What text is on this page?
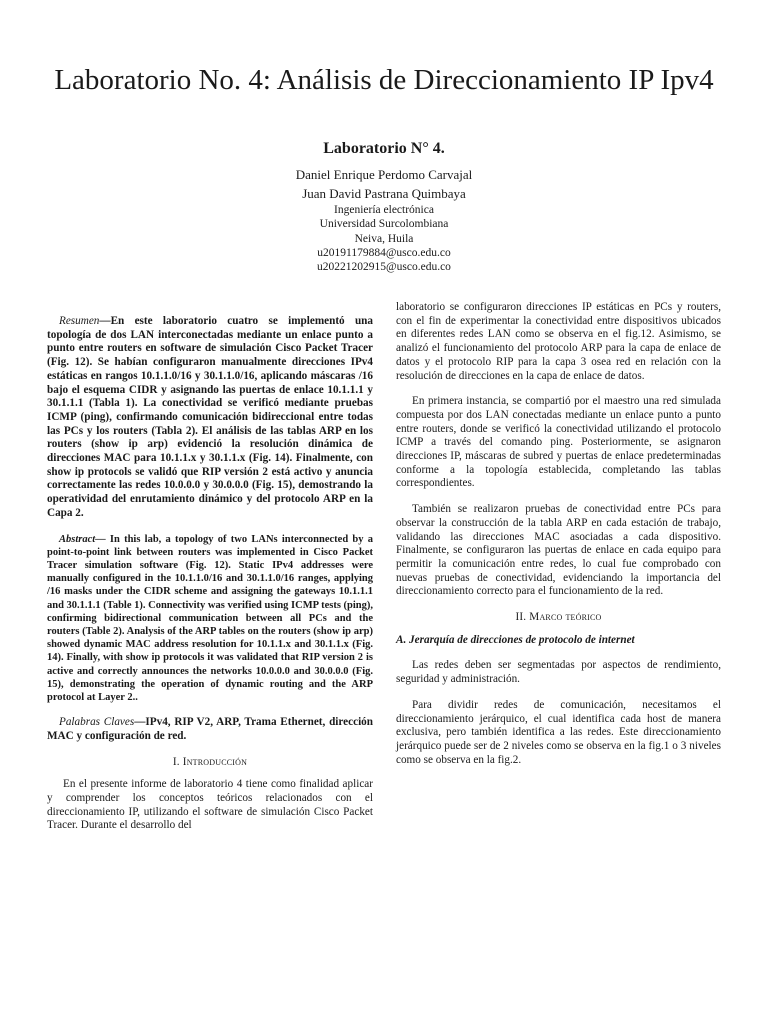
Laboratorio No. 4: Análisis de Direccionamiento IP Ipv4
Laboratorio N° 4.
Daniel Enrique Perdomo Carvajal
Juan David Pastrana Quimbaya
Ingeniería electrónica
Universidad Surcolombiana
Neiva, Huila
u20191179884@usco.edu.co
u20221202915@usco.edu.co

Resumen—En este laboratorio cuatro se implementó una topología de dos LAN interconectadas mediante un enlace punto a punto entre routers en software de simulación Cisco Packet Tracer (Fig. 12). Se habían configuraron manualmente direcciones IPv4 estáticas en rangos 10.1.1.0/16 y 30.1.1.0/16, aplicando máscaras /16 bajo el esquema CIDR y asignando las puertas de enlace 10.1.1.1 y 30.1.1.1 (Tabla 1). La conectividad se verificó mediante pruebas ICMP (ping), confirmando comunicación bidireccional entre todas las PCs y los routers (Tabla 2). El análisis de las tablas ARP en los routers (show ip arp) evidenció la resolución dinámica de direcciones MAC para 10.1.1.x y 30.1.1.x (Fig. 14). Finalmente, con show ip protocols se validó que RIP versión 2 está activo y anuncia correctamente las redes 10.0.0.0 y 30.0.0.0 (Fig. 15), demostrando la operatividad del enrutamiento dinámico y del protocolo ARP en la Capa 2.

Abstract— In this lab, a topology of two LANs interconnected by a point-to-point link between routers was implemented in Cisco Packet Tracer simulation software (Fig. 12). Static IPv4 addresses were manually configured in the 10.1.1.0/16 and 30.1.1.0/16 ranges, applying /16 masks under the CIDR scheme and assigning the gateways 10.1.1.1 and 30.1.1.1 (Table 1). Connectivity was verified using ICMP tests (ping), confirming bidirectional communication between all PCs and the routers (Table 2). Analysis of the ARP tables on the routers (show ip arp) showed dynamic MAC address resolution for 10.1.1.x and 30.1.1.x (Fig. 14). Finally, with show ip protocols it was validated that RIP version 2 is active and correctly announces the networks 10.0.0.0 and 30.0.0.0 (Fig. 15), demonstrating the operation of dynamic routing and the ARP protocol at Layer 2..

Palabras Claves—IPv4, RIP V2, ARP, Trama Ethernet, dirección MAC y configuración de red.

I. Introducción

En el presente informe de laboratorio 4 tiene como finalidad aplicar y comprender los conceptos teóricos relacionados con el direccionamiento IP, utilizando el software de simulación Cisco Packet Tracer. Durante el desarrollo del

laboratorio se configuraron direcciones IP estáticas en PCs y routers, con el fin de experimentar la conectividad entre dispositivos ubicados en diferentes redes LAN como se observa en el fig.12. Asimismo, se analizó el funcionamiento del protocolo ARP para la capa de enlace de datos y el protocolo RIP para la capa 3 osea red en relación con la resolución de direcciones en la capa de enlace de datos.

En primera instancia, se compartió por el maestro una red simulada compuesta por dos LAN conectadas mediante un enlace punto a punto entre routers, donde se verificó la conectividad utilizando el protocolo ICMP a través del comando ping. Posteriormente, se asignaron direcciones IP, máscaras de subred y puertas de enlace predeterminadas conforme a la topología establecida, completando las tablas correspondientes.

También se realizaron pruebas de conectividad entre PCs para observar la construcción de la tabla ARP en cada estación de trabajo, validando las direcciones MAC asociadas a cada dispositivo. Finalmente, se configuraron las puertas de enlace en cada equipo para permitir la comunicación entre redes, lo cual fue comprobado con nuevas pruebas de conectividad, evidenciando la importancia del direccionamiento correcto para el funcionamiento de la red.

II. Marco teórico
A. Jerarquía de direcciones de protocolo de internet

Las redes deben ser segmentadas por aspectos de rendimiento, seguridad y administración.

Para dividir redes de comunicación, necesitamos el direccionamiento jerárquico, el cual identifica cada host de manera exclusiva, pero también identifica a las redes. Este direccionamiento jerárquico puede ser de 2 niveles como se observa en la fig.1 o 3 niveles como se observa en la fig.2.
